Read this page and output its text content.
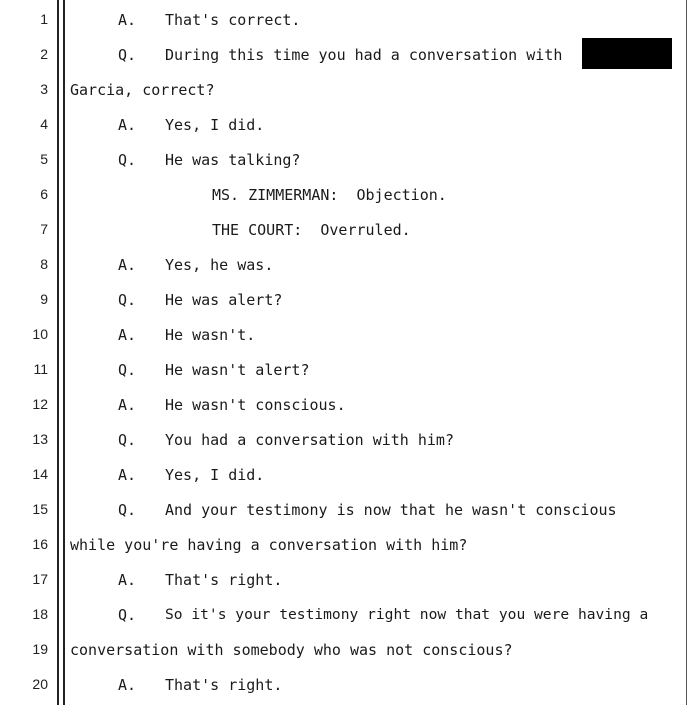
1	A. That's correct.
2	Q. During this time you had a conversation with
3 Garcia, correct?
4	A. Yes, I did.
5	Q. He was talking?
6	MS. ZIMMERMAN:  Objection.
7	THE COURT:  Overruled.
8	A. Yes, he was.
9	Q. He was alert?
10	A. He wasn't.
11	Q. He wasn't alert?
12	A. He wasn't conscious.
13	Q. You had a conversation with him?
14	A. Yes, I did.
15	Q. And your testimony is now that he wasn't conscious
16 while you're having a conversation with him?
17	A. That's right.
18	Q. So it's your testimony right now that you were having a
19 conversation with somebody who was not conscious?
20	A. That's right.
